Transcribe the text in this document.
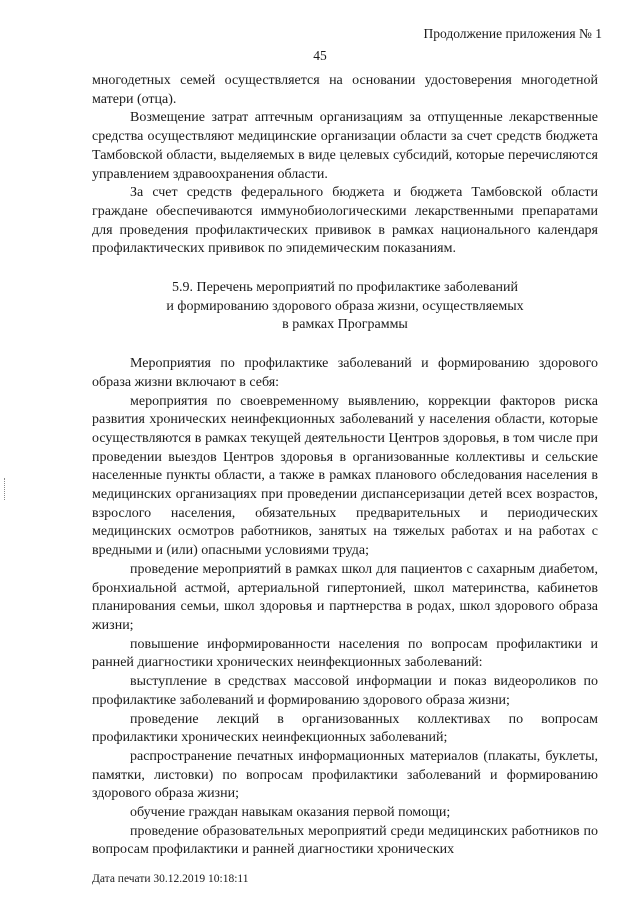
Продолжение приложения № 1
45

многодетных семей осуществляется на основании удостоверения многодетной матери (отца).

Возмещение затрат аптечным организациям за отпущенные лекарственные средства осуществляют медицинские организации области за счет средств бюджета Тамбовской области, выделяемых в виде целевых субсидий, которые перечисляются управлением здравоохранения области.

За счет средств федерального бюджета и бюджета Тамбовской области граждане обеспечиваются иммунобиологическими лекарственными препаратами для проведения профилактических прививок в рамках национального календаря профилактических прививок по эпидемическим показаниям.

5.9. Перечень мероприятий по профилактике заболеваний
и формированию здорового образа жизни, осуществляемых
в рамках Программы

Мероприятия по профилактике заболеваний и формированию здорового образа жизни включают в себя:

мероприятия по своевременному выявлению, коррекции факторов риска развития хронических неинфекционных заболеваний у населения области, которые осуществляются в рамках текущей деятельности Центров здоровья, в том числе при проведении выездов Центров здоровья в организованные коллективы и сельские населенные пункты области, а также в рамках планового обследования населения в медицинских организациях при проведении диспансеризации детей всех возрастов, взрослого населения, обязательных предварительных и периодических медицинских осмотров работников, занятых на тяжелых работах и на работах с вредными и (или) опасными условиями труда;

проведение мероприятий в рамках школ для пациентов с сахарным диабетом, бронхиальной астмой, артериальной гипертонией, школ материнства, кабинетов планирования семьи, школ здоровья и партнерства в родах, школ здорового образа жизни;

повышение информированности населения по вопросам профилактики и ранней диагностики хронических неинфекционных заболеваний:

выступление в средствах массовой информации и показ видеороликов по профилактике заболеваний и формированию здорового образа жизни;

проведение лекций в организованных коллективах по вопросам профилактики хронических неинфекционных заболеваний;

распространение печатных информационных материалов (плакаты, буклеты, памятки, листовки) по вопросам профилактики заболеваний и формированию здорового образа жизни;

обучение граждан навыкам оказания первой помощи;

проведение образовательных мероприятий среди медицинских работников по вопросам профилактики и ранней диагностики хронических

Дата печати 30.12.2019 10:18:11
